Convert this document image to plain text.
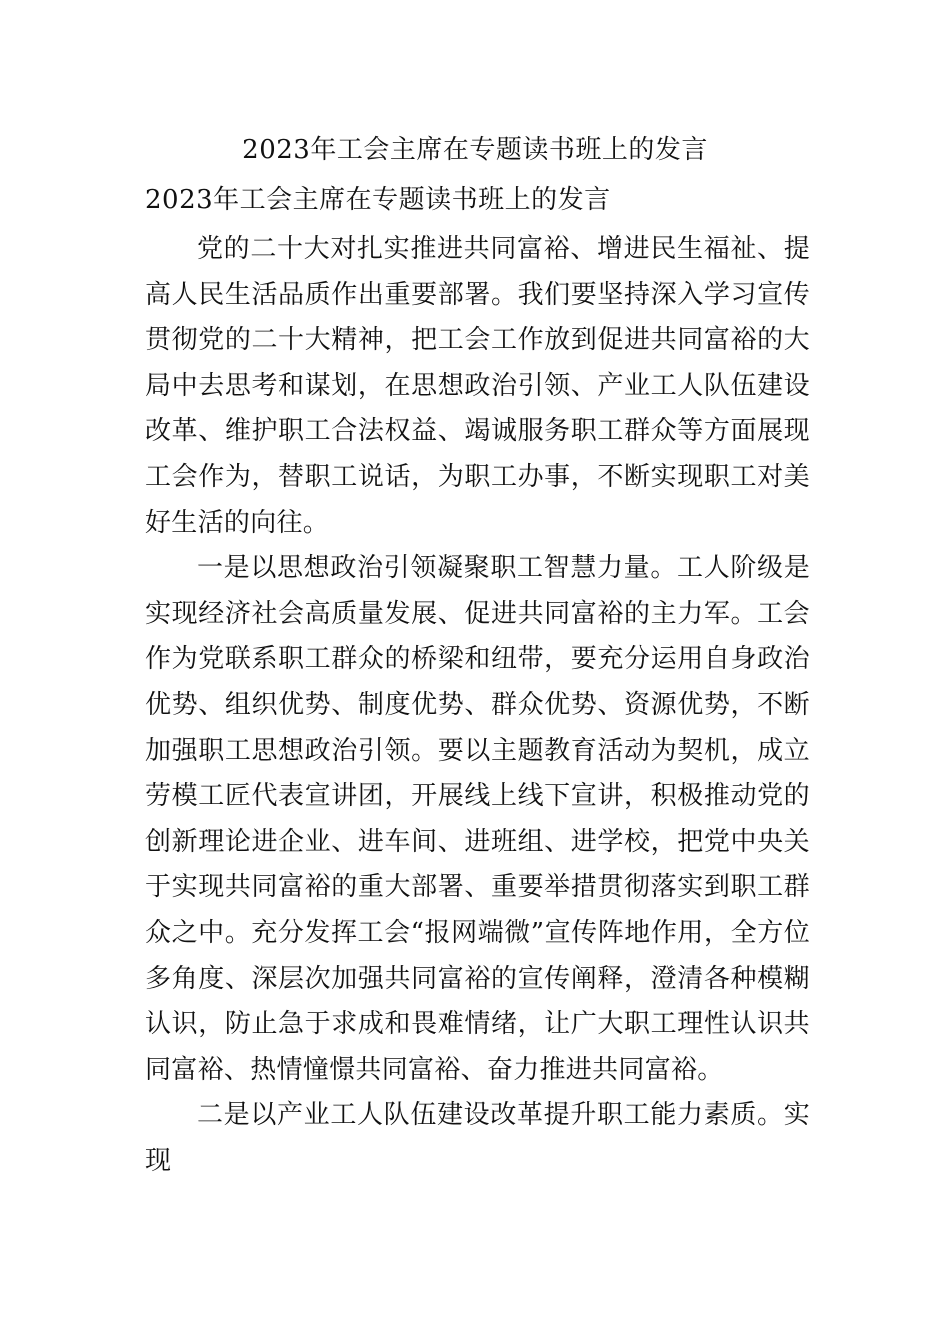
2023年工会主席在专题读书班上的发言
2023年工会主席在专题读书班上的发言

党的二十大对扎实推进共同富裕、增进民生福祉、提高人民生活品质作出重要部署。我们要坚持深入学习宣传贯彻党的二十大精神，把工会工作放到促进共同富裕的大局中去思考和谋划，在思想政治引领、产业工人队伍建设改革、维护职工合法权益、竭诚服务职工群众等方面展现工会作为，替职工说话，为职工办事，不断实现职工对美好生活的向往。

一是以思想政治引领凝聚职工智慧力量。工人阶级是实现经济社会高质量发展、促进共同富裕的主力军。工会作为党联系职工群众的桥梁和纽带，要充分运用自身政治优势、组织优势、制度优势、群众优势、资源优势，不断加强职工思想政治引领。要以主题教育活动为契机，成立劳模工匠代表宣讲团，开展线上线下宣讲，积极推动党的创新理论进企业、进车间、进班组、进学校，把党中央关于实现共同富裕的重大部署、重要举措贯彻落实到职工群众之中。充分发挥工会“报网端微”宣传阵地作用，全方位多角度、深层次加强共同富裕的宣传阐释，澄清各种模糊认识，防止急于求成和畏难情绪，让广大职工理性认识共同富裕、热情憧憬共同富裕、奋力推进共同富裕。

二是以产业工人队伍建设改革提升职工能力素质。实现
